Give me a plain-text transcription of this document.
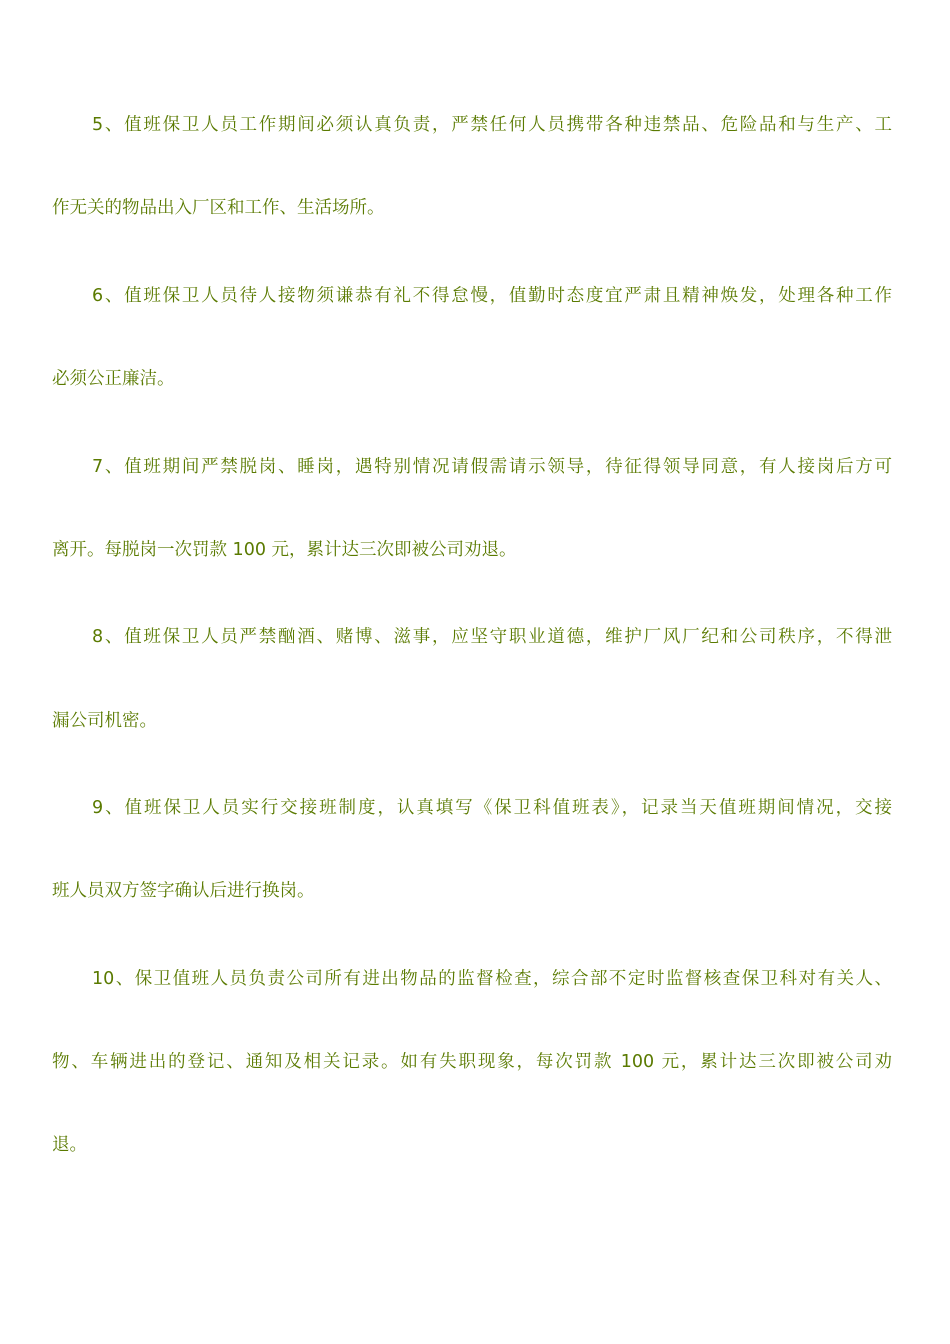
5、值班保卫人员工作期间必须认真负责，严禁任何人员携带各种违禁品、危险品和与生产、工
作无关的物品出入厂区和工作、生活场所。
6、值班保卫人员待人接物须谦恭有礼不得怠慢，值勤时态度宜严肃且精神焕发，处理各种工作
必须公正廉洁。
7、值班期间严禁脱岗、睡岗，遇特别情况请假需请示领导，待征得领导同意，有人接岗后方可
离开。每脱岗一次罚款 100 元，累计达三次即被公司劝退。
8、值班保卫人员严禁酗酒、赌博、滋事，应坚守职业道德，维护厂风厂纪和公司秩序，不得泄
漏公司机密。
9、值班保卫人员实行交接班制度，认真填写《保卫科值班表》，记录当天值班期间情况，交接
班人员双方签字确认后进行换岗。
10、保卫值班人员负责公司所有进出物品的监督检查，综合部不定时监督核查保卫科对有关人、
物、车辆进出的登记、通知及相关记录。如有失职现象，每次罚款 100 元，累计达三次即被公司劝
退。
